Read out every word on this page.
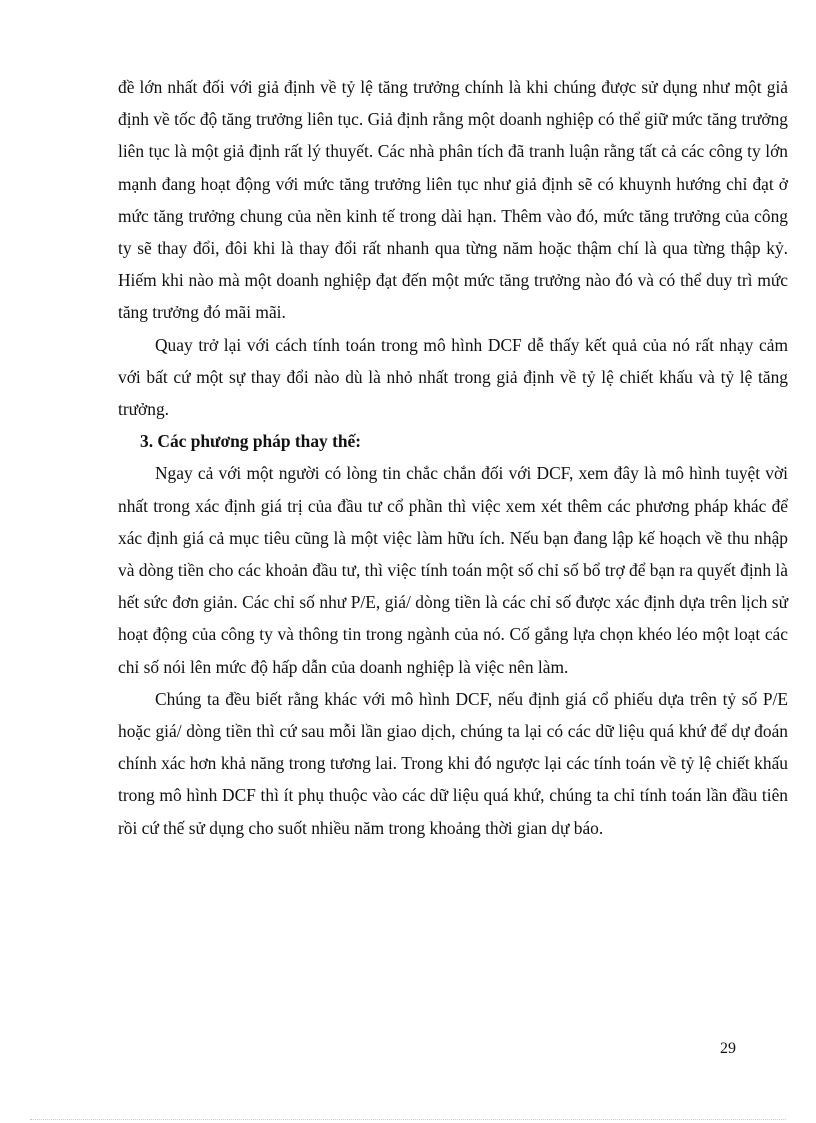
đề lớn nhất đối với giả định về tỷ lệ tăng trưởng chính là khi chúng được sử dụng như một giả định về tốc độ tăng trưởng liên tục. Giả định rằng một doanh nghiệp có thể giữ mức tăng trưởng liên tục là một giả định rất lý thuyết. Các nhà phân tích đã tranh luận rằng tất cả các công ty lớn mạnh đang hoạt động với mức tăng trưởng liên tục như giả định sẽ có khuynh hướng chỉ đạt ở mức tăng trưởng chung của nền kinh tế trong dài hạn. Thêm vào đó, mức tăng trưởng của công ty sẽ thay đổi, đôi khi là thay đổi rất nhanh qua từng năm hoặc thậm chí là qua từng thập kỷ. Hiếm khi nào mà một doanh nghiệp đạt đến một mức tăng trưởng nào đó và có thể duy trì mức tăng trưởng đó mãi mãi.

Quay trở lại với cách tính toán trong mô hình DCF dễ thấy kết quả của nó rất nhạy cảm với bất cứ một sự thay đổi nào dù là nhỏ nhất trong giả định về tỷ lệ chiết khấu và tỷ lệ tăng trưởng.

3. Các phương pháp thay thế:

Ngay cả với một người có lòng tin chắc chắn đối với DCF, xem đây là mô hình tuyệt vời nhất trong xác định giá trị của đầu tư cổ phần thì việc xem xét thêm các phương pháp khác để xác định giá cả mục tiêu cũng là một việc làm hữu ích. Nếu bạn đang lập kế hoạch về thu nhập và dòng tiền cho các khoản đầu tư, thì việc tính toán một số chỉ số bổ trợ để bạn ra quyết định là hết sức đơn giản. Các chỉ số như P/E, giá/ dòng tiền là các chỉ số được xác định dựa trên lịch sử hoạt động của công ty và thông tin trong ngành của nó. Cố gắng lựa chọn khéo léo một loạt các chỉ số nói lên mức độ hấp dẫn của doanh nghiệp là việc nên làm.

Chúng ta đều biết rằng khác với mô hình DCF, nếu định giá cổ phiếu dựa trên tỷ số P/E hoặc giá/ dòng tiền thì cứ sau mỗi lần giao dịch, chúng ta lại có các dữ liệu quá khứ để dự đoán chính xác hơn khả năng trong tương lai. Trong khi đó ngược lại các tính toán về tỷ lệ chiết khấu trong mô hình DCF thì ít phụ thuộc vào các dữ liệu quá khứ, chúng ta chỉ tính toán lần đầu tiên rồi cứ thế sử dụng cho suốt nhiều năm trong khoảng thời gian dự báo.

29
